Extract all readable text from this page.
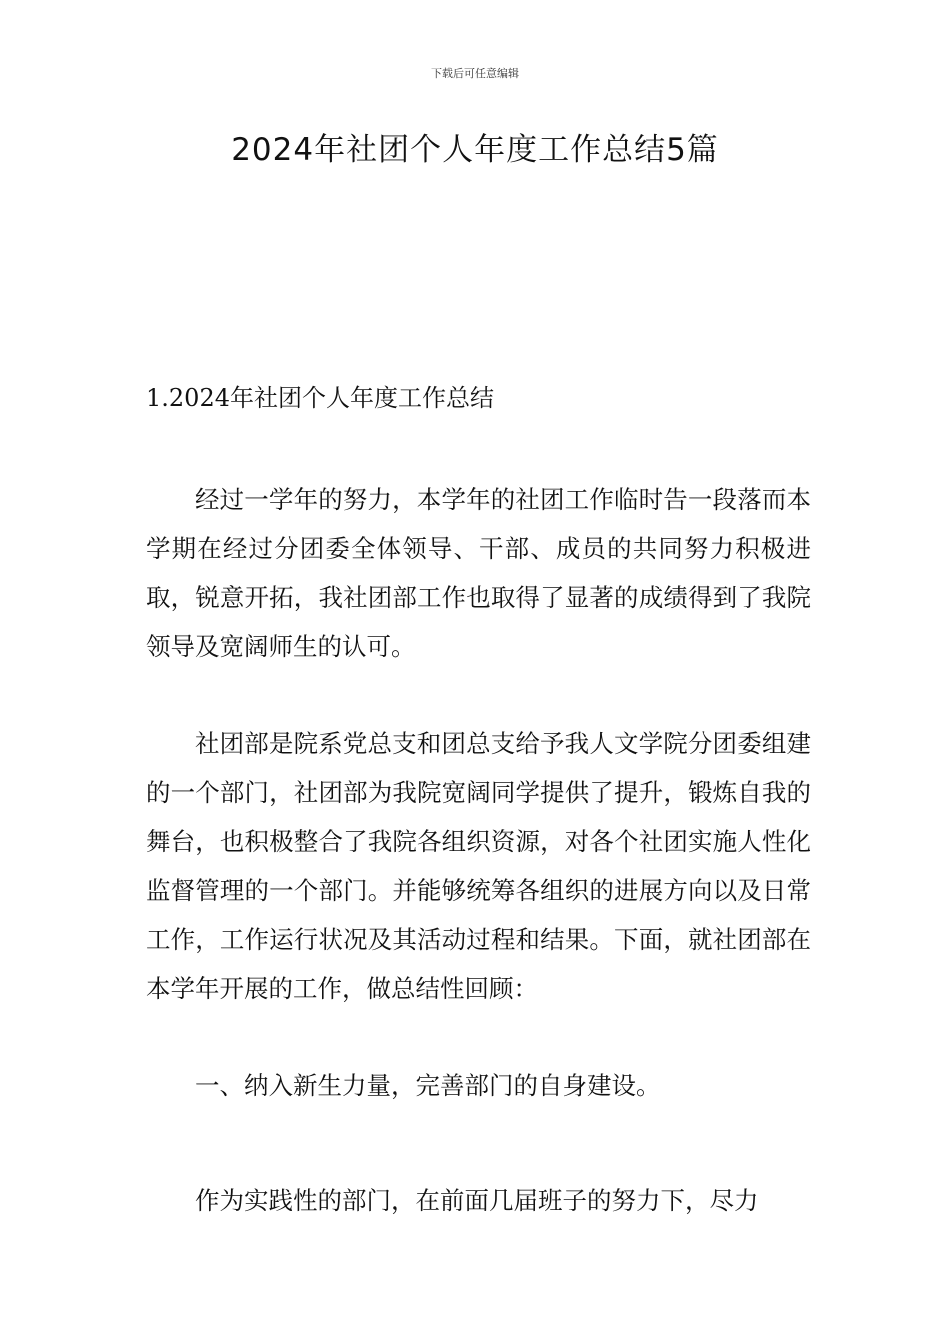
下载后可任意编辑
2024年社团个人年度工作总结5篇
1.2024年社团个人年度工作总结

经过一学年的努力，本学年的社团工作临时告一段落而本学期在经过分团委全体领导、干部、成员的共同努力积极进取，锐意开拓，我社团部工作也取得了显著的成绩得到了我院领导及宽阔师生的认可。

社团部是院系党总支和团总支给予我人文学院分团委组建的一个部门，社团部为我院宽阔同学提供了提升，锻炼自我的舞台，也积极整合了我院各组织资源，对各个社团实施人性化监督管理的一个部门。并能够统筹各组织的进展方向以及日常工作，工作运行状况及其活动过程和结果。下面，就社团部在本学年开展的工作，做总结性回顾：

一、纳入新生力量，完善部门的自身建设。

作为实践性的部门，在前面几届班子的努力下，尽力
